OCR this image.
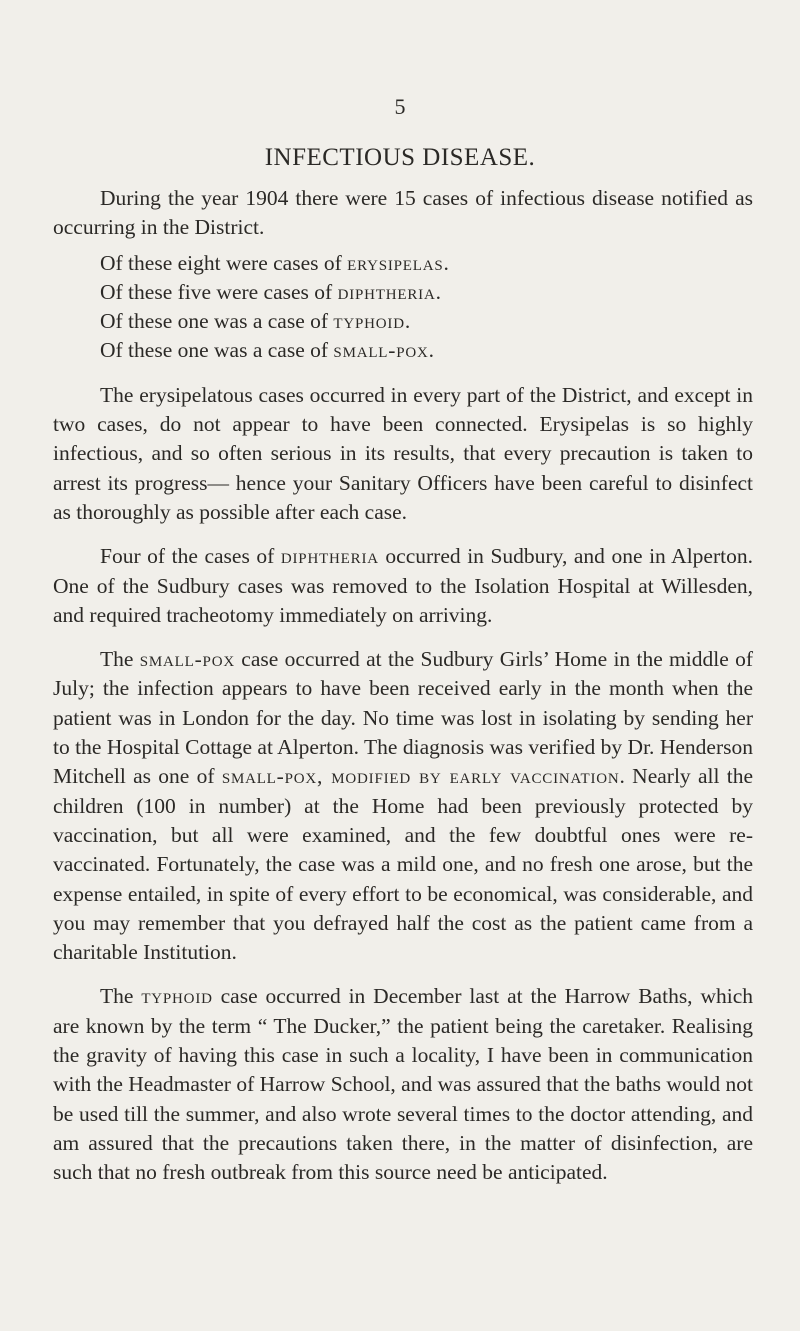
5
INFECTIOUS DISEASE.

During the year 1904 there were 15 cases of infectious disease notified as occurring in the District.

Of these eight were cases of erysipelas.
Of these five were cases of diphtheria.
Of these one was a case of typhoid.
Of these one was a case of small-pox.

The erysipelatous cases occurred in every part of the District, and except in two cases, do not appear to have been connected. Erysipelas is so highly infectious, and so often serious in its results, that every precaution is taken to arrest its progress— hence your Sanitary Officers have been careful to disinfect as thoroughly as possible after each case.

Four of the cases of diphtheria occurred in Sudbury, and one in Alperton. One of the Sudbury cases was removed to the Isolation Hospital at Willesden, and required tracheotomy immediately on arriving.

The small-pox case occurred at the Sudbury Girls’ Home in the middle of July; the infection appears to have been received early in the month when the patient was in London for the day. No time was lost in isolating by sending her to the Hospital Cottage at Alperton. The diagnosis was verified by Dr. Henderson Mitchell as one of small-pox, modified by early vaccination. Nearly all the children (100 in number) at the Home had been previously protected by vaccination, but all were examined, and the few doubtful ones were re-vaccinated. Fortunately, the case was a mild one, and no fresh one arose, but the expense entailed, in spite of every effort to be economical, was considerable, and you may remember that you defrayed half the cost as the patient came from a charitable Institution.

The typhoid case occurred in December last at the Harrow Baths, which are known by the term “ The Ducker,” the patient being the caretaker. Realising the gravity of having this case in such a locality, I have been in communication with the Headmaster of Harrow School, and was assured that the baths would not be used till the summer, and also wrote several times to the doctor attending, and am assured that the precautions taken there, in the matter of disinfection, are such that no fresh outbreak from this source need be anticipated.
